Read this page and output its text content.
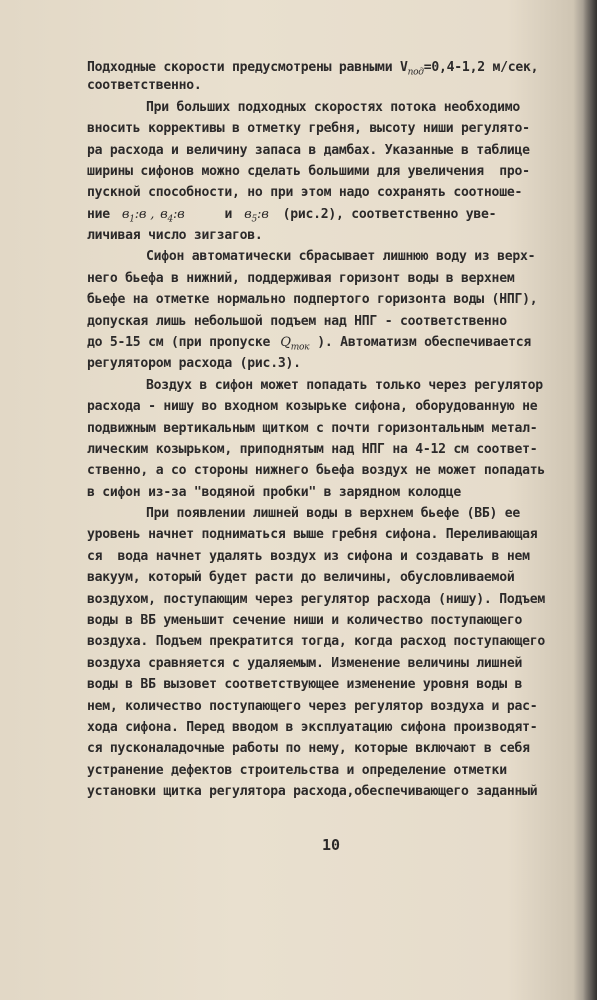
Подходные скорости предусмотрены равными $V_{под}=0,4-1,2$ м/сек,
соответственно.
При больших подходных скоростях потока необходимо
вносить коррективы в отметку гребня, высоту ниши регулято-
ра расхода и величину запаса в дамбах. Указанные в таблице
ширины сифонов можно сделать большими для увеличения  про-
пускной способности, но при этом надо сохранять соотноше-
ние $в_1:в$ , $в_4:в$	и $в_5:в$ (рис.2), соответственно уве-
личивая число зигзагов.
Сифон автоматически сбрасывает лишнюю воду из верх-
него бьефа в нижний, поддерживая горизонт воды в верхнем
бьефе на отметке нормально подпертого горизонта воды (НПГ),
допуская лишь небольшой подъем над НПГ - соответственно
до 5-15 см (при пропуске $Q_{ток}$ ). Автоматизм обеспечивается
регулятором расхода (рис.3).
Воздух в сифон может попадать только через регулятор
расхода - нишу во входном козырьке сифона, оборудованную не
подвижным вертикальным щитком с почти горизонтальным метал-
лическим козырьком, приподнятым над НПГ на 4-12 см соответ-
ственно, а со стороны нижнего бьефа воздух не может попадать
в сифон из-за "водяной пробки" в зарядном колодце
При появлении лишней воды в верхнем бьефе (ВБ) ее
уровень начнет подниматься выше гребня сифона. Переливающая
ся  вода начнет удалять воздух из сифона и создавать в нем
вакуум, который будет расти до величины, обусловливаемой
воздухом, поступающим через регулятор расхода (нишу). Подъем
воды в ВБ уменьшит сечение ниши и количество поступающего
воздуха. Подъем прекратится тогда, когда расход поступающего
воздуха сравняется с удаляемым. Изменение величины лишней
воды в ВБ вызовет соответствующее изменение уровня воды в
нем, количество поступающего через регулятор воздуха и рас-
хода сифона. Перед вводом в эксплуатацию сифона производят-
ся пусконаладочные работы по нему, которые включают в себя
устранение дефектов строительства и определение отметки
установки щитка регулятора расхода,обеспечивающего заданный
10
